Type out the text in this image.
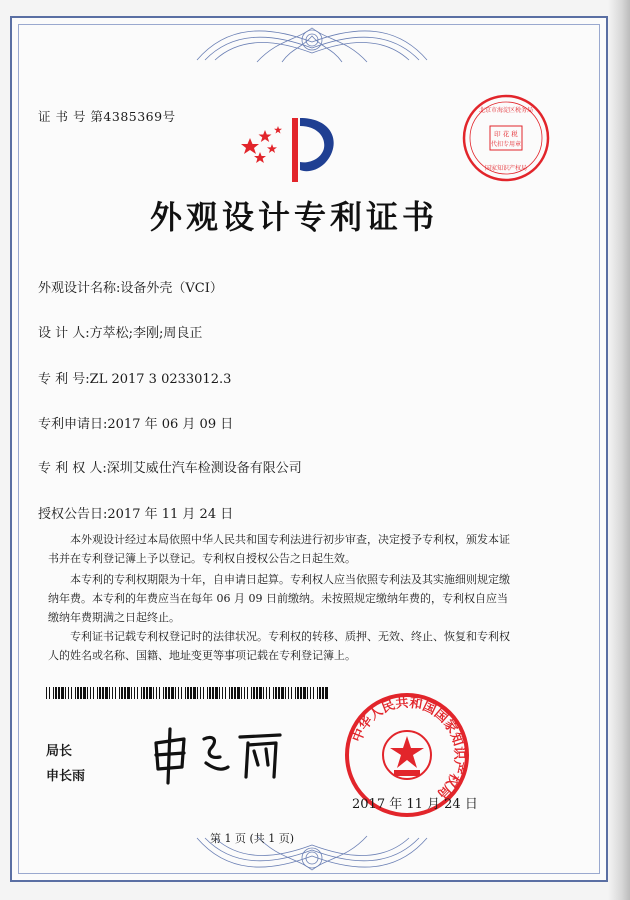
证 书 号 第4385369号
印 花 税
代扣专用章
北京市海淀区税务局
国家知识产权局
外观设计专利证书
外观设计名称:设备外壳（VCI）
设 计 人:方萃松;李刚;周良正
专 利 号:ZL 2017 3 0233012.3
专利申请日:2017 年 06 月 09 日
专 利 权 人:深圳艾威仕汽车检测设备有限公司
授权公告日:2017 年 11 月 24 日
本外观设计经过本局依照中华人民共和国专利法进行初步审查，决定授予专利权，颁发本证书并在专利登记簿上予以登记。专利权自授权公告之日起生效。
本专利的专利权期限为十年，自申请日起算。专利权人应当依照专利法及其实施细则规定缴纳年费。本专利的年费应当在每年 06 月 09 日前缴纳。未按照规定缴纳年费的，专利权自应当缴纳年费期满之日起终止。
专利证书记载专利权登记时的法律状况。专利权的转移、质押、无效、终止、恢复和专利权人的姓名或名称、国籍、地址变更等事项记载在专利登记簿上。
局长
申长雨
中华人民共和国国家知识产权局
2017 年 11 月 24 日
第 1 页 (共 1 页)
